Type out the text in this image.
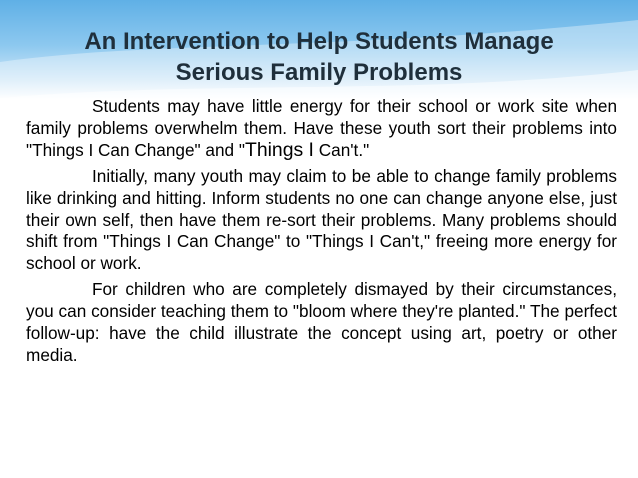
An Intervention to Help Students Manage
Serious Family Problems

Students may have little energy for their school or work site when family problems overwhelm them. Have these youth sort their problems into "Things I Can Change" and "Things I Can't."

Initially, many youth may claim to be able to change family problems like drinking and hitting. Inform students no one can change anyone else, just their own self, then have them re-sort their problems. Many problems should shift from "Things I Can Change" to "Things I Can't," freeing more energy for school or work.

For children who are completely dismayed by their circumstances, you can consider teaching them to "bloom where they're planted." The perfect follow-up: have the child illustrate the concept using art, poetry or other media.
